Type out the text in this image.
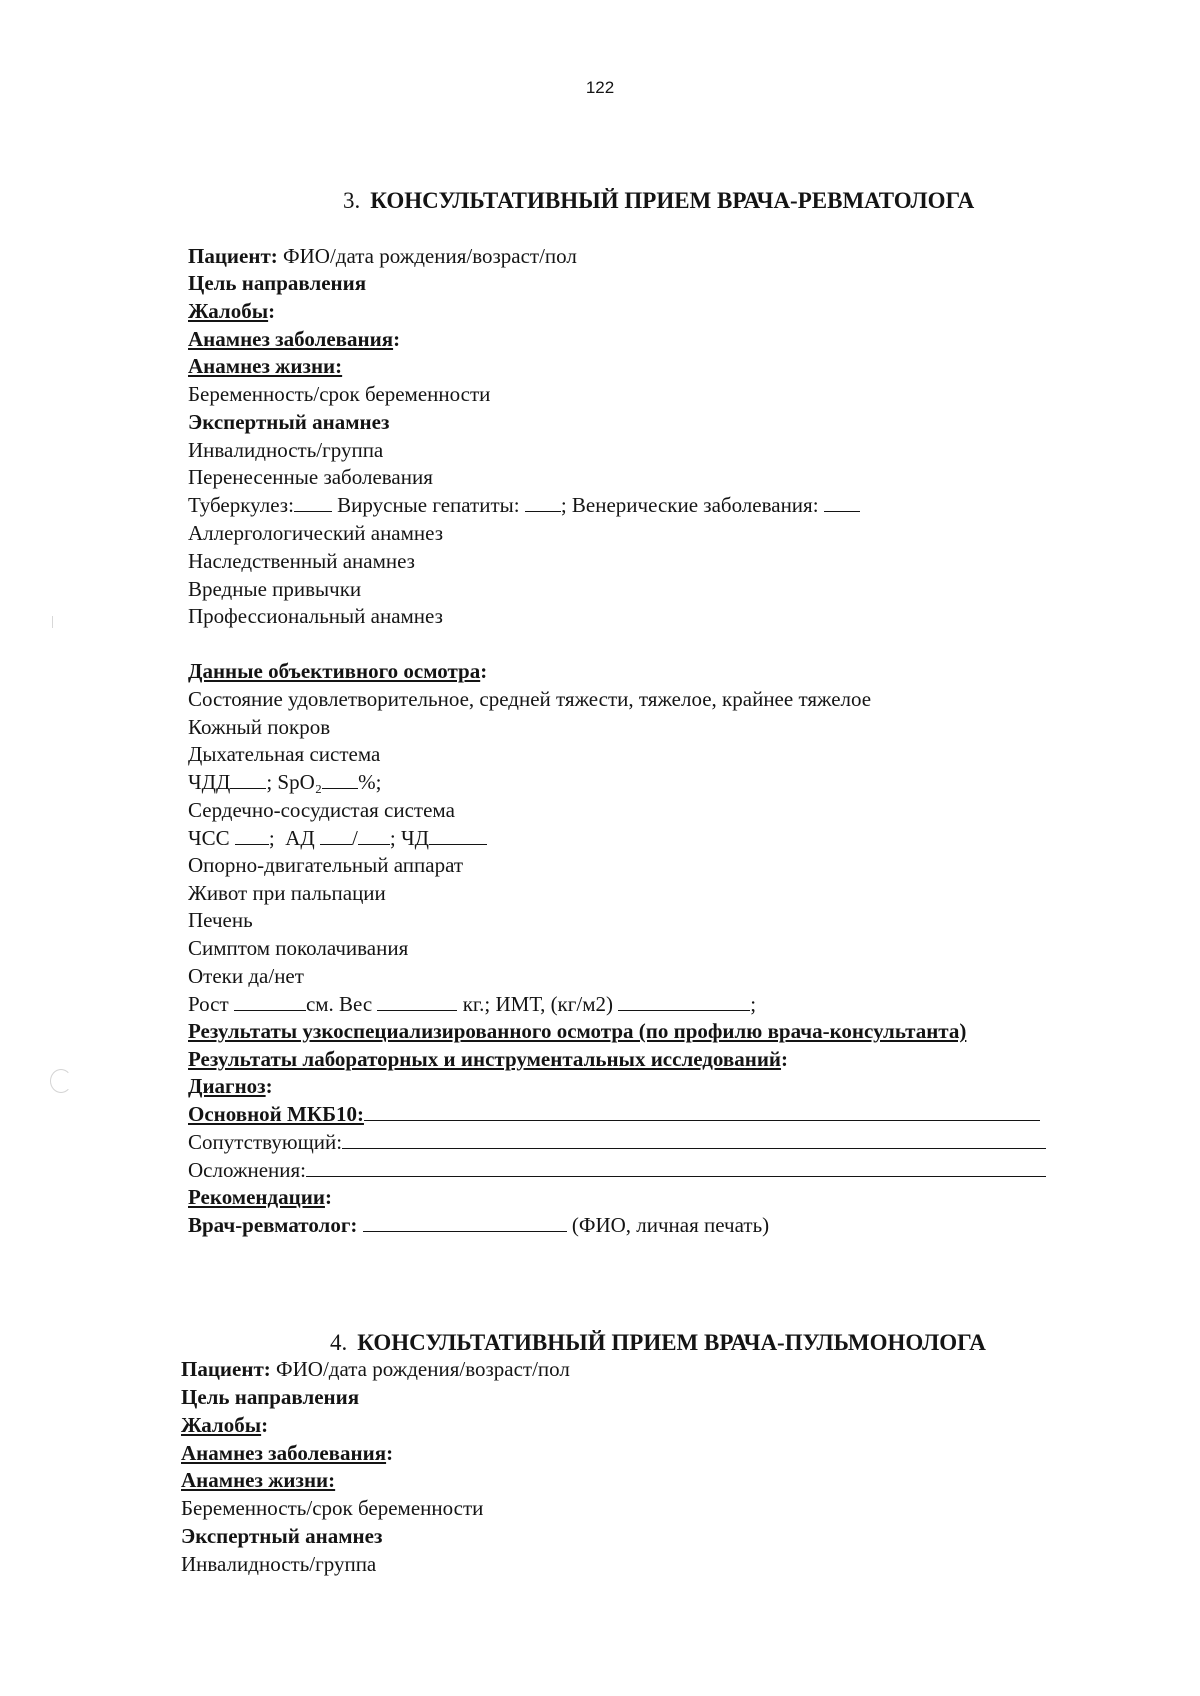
122
3. КОНСУЛЬТАТИВНЫЙ ПРИЕМ ВРАЧА-РЕВМАТОЛОГА
Пациент: ФИО/дата рождения/возраст/пол
Цель направления
Жалобы:
Анамнез заболевания:
Анамнез жизни:
Беременность/срок беременности
Экспертный анамнез
Инвалидность/группа
Перенесенные заболевания
Туберкулез: Вирусные гепатиты: ; Венерические заболевания:
Аллергологический анамнез
Наследственный анамнез
Вредные привычки
Профессиональный анамнез
Данные объективного осмотра:
Состояние удовлетворительное, средней тяжести, тяжелое, крайнее тяжелое
Кожный покров
Дыхательная система
ЧДД ; SpO₂ %;
Сердечно-сосудистая система
ЧСС ;  АД / ; ЧД
Опорно-двигательный аппарат
Живот при пальпации
Печень
Симптом поколачивания
Отеки да/нет
Рост	см. Вес	кг.; ИМТ, (кг/м2)	;
Результаты узкоспециализированного осмотра (по профилю врача-консультанта)
Результаты лабораторных и инструментальных исследований:
Диагноз:
Основной МКБ10:
Сопутствующий:
Осложнения:
Рекомендации:
Врач-ревматолог:	(ФИО, личная печать)
4. КОНСУЛЬТАТИВНЫЙ ПРИЕМ ВРАЧА-ПУЛЬМОНОЛОГА
Пациент: ФИО/дата рождения/возраст/пол
Цель направления
Жалобы:
Анамнез заболевания:
Анамнез жизни:
Беременность/срок беременности
Экспертный анамнез
Инвалидность/группа
